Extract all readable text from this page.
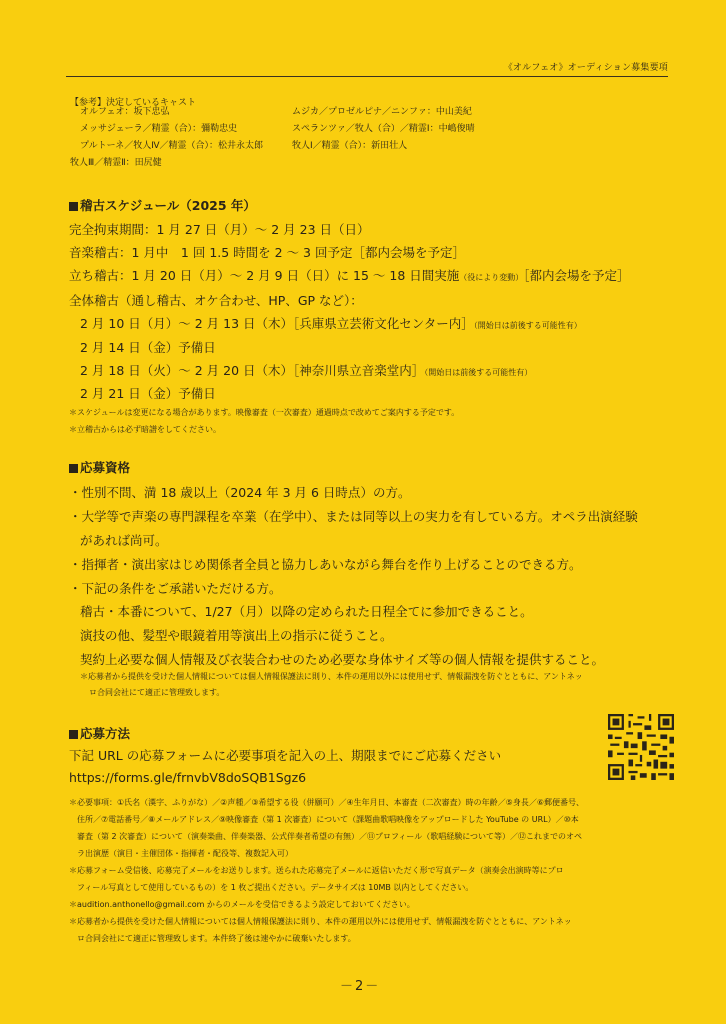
《オルフェオ》オーディション募集要項
【参考】決定しているキャスト
オルフェオ：坂下忠弘
メッサジェーラ／精霊（合）：彌勒忠史
プルトーネ／牧人Ⅳ／精霊（合）：松井永太郎
牧人Ⅲ／精霊Ⅱ：田尻健
ムジカ／プロゼルピナ／ニンファ：中山美紀
スペランツァ／牧人（合）／精霊Ⅰ：中嶋俊晴
牧人Ⅰ／精霊（合）：新田壮人
稽古スケジュール（2025 年）
完全拘束期間：1 月 27 日（月）～ 2 月 23 日（日）
音楽稽古：1 月中　1 回 1.5 時間を 2 ～ 3 回予定［都内会場を予定］
立ち稽古：1 月 20 日（月）～ 2 月 9 日（日）に 15 ～ 18 日間実施（役により変動）［都内会場を予定］
全体稽古（通し稽古、オケ合わせ、HP、GP など）：
2 月 10 日（月）～ 2 月 13 日（木）［兵庫県立芸術文化センター内］（開始日は前後する可能性有）
2 月 14 日（金）予備日
2 月 18 日（火）～ 2 月 20 日（木）［神奈川県立音楽堂内］（開始日は前後する可能性有）
2 月 21 日（金）予備日
＊スケジュールは変更になる場合があります。映像審査（一次審査）通過時点で改めてご案内する予定です。
＊立稽古からは必ず暗譜をしてください。
応募資格
・性別不問、満 18 歳以上（2024 年 3 月 6 日時点）の方。
・大学等で声楽の専門課程を卒業（在学中）、または同等以上の実力を有している方。オペラ出演経験
があれば尚可。
・指揮者・演出家はじめ関係者全員と協力しあいながら舞台を作り上げることのできる方。
・下記の条件をご承諾いただける方。
稽古・本番について、1/27（月）以降の定められた日程全てに参加できること。
演技の他、髪型や眼鏡着用等演出上の指示に従うこと。
契約上必要な個人情報及び衣装合わせのため必要な身体サイズ等の個人情報を提供すること。
＊応募者から提供を受けた個人情報については個人情報保護法に則り、本件の運用以外には使用せず、情報漏洩を防ぐとともに、アントネッ
ロ合同会社にて適正に管理致します。
応募方法
下記 URL の応募フォームに必要事項を記入の上、期限までにご応募ください
https://forms.gle/frnvbV8doSQB1Sgz6
＊必要事項：①氏名（漢字、ふりがな）／②声種／③希望する役（併願可）／④生年月日、本審査（二次審査）時の年齢／⑤身長／⑥郵便番号、
住所／⑦電話番号／⑧メールアドレス／⑨映像審査（第 1 次審査）について（課題曲歌唱映像をアップロードした YouTube の URL）／⑩本
審査（第 2 次審査）について（演奏楽曲、伴奏楽器、公式伴奏者希望の有無）／⑪プロフィール（歌唱経験について等）／⑫これまでのオペ
ラ出演歴（演目・主催団体・指揮者・配役等、複数記入可）
＊応募フォーム受信後、応募完了メールをお送りします。送られた応募完了メールに返信いただく形で写真データ（演奏会出演時等にプロ
フィール写真として使用しているもの）を 1 枚ご提出ください。データサイズは 10MB 以内としてください。
＊audition.anthonello@gmail.com からのメールを受信できるよう設定しておいてください。
＊応募者から提供を受けた個人情報については個人情報保護法に則り、本件の運用以外には使用せず、情報漏洩を防ぐとともに、アントネッ
ロ合同会社にて適正に管理致します。本件終了後は速やかに破棄いたします。
－2－
